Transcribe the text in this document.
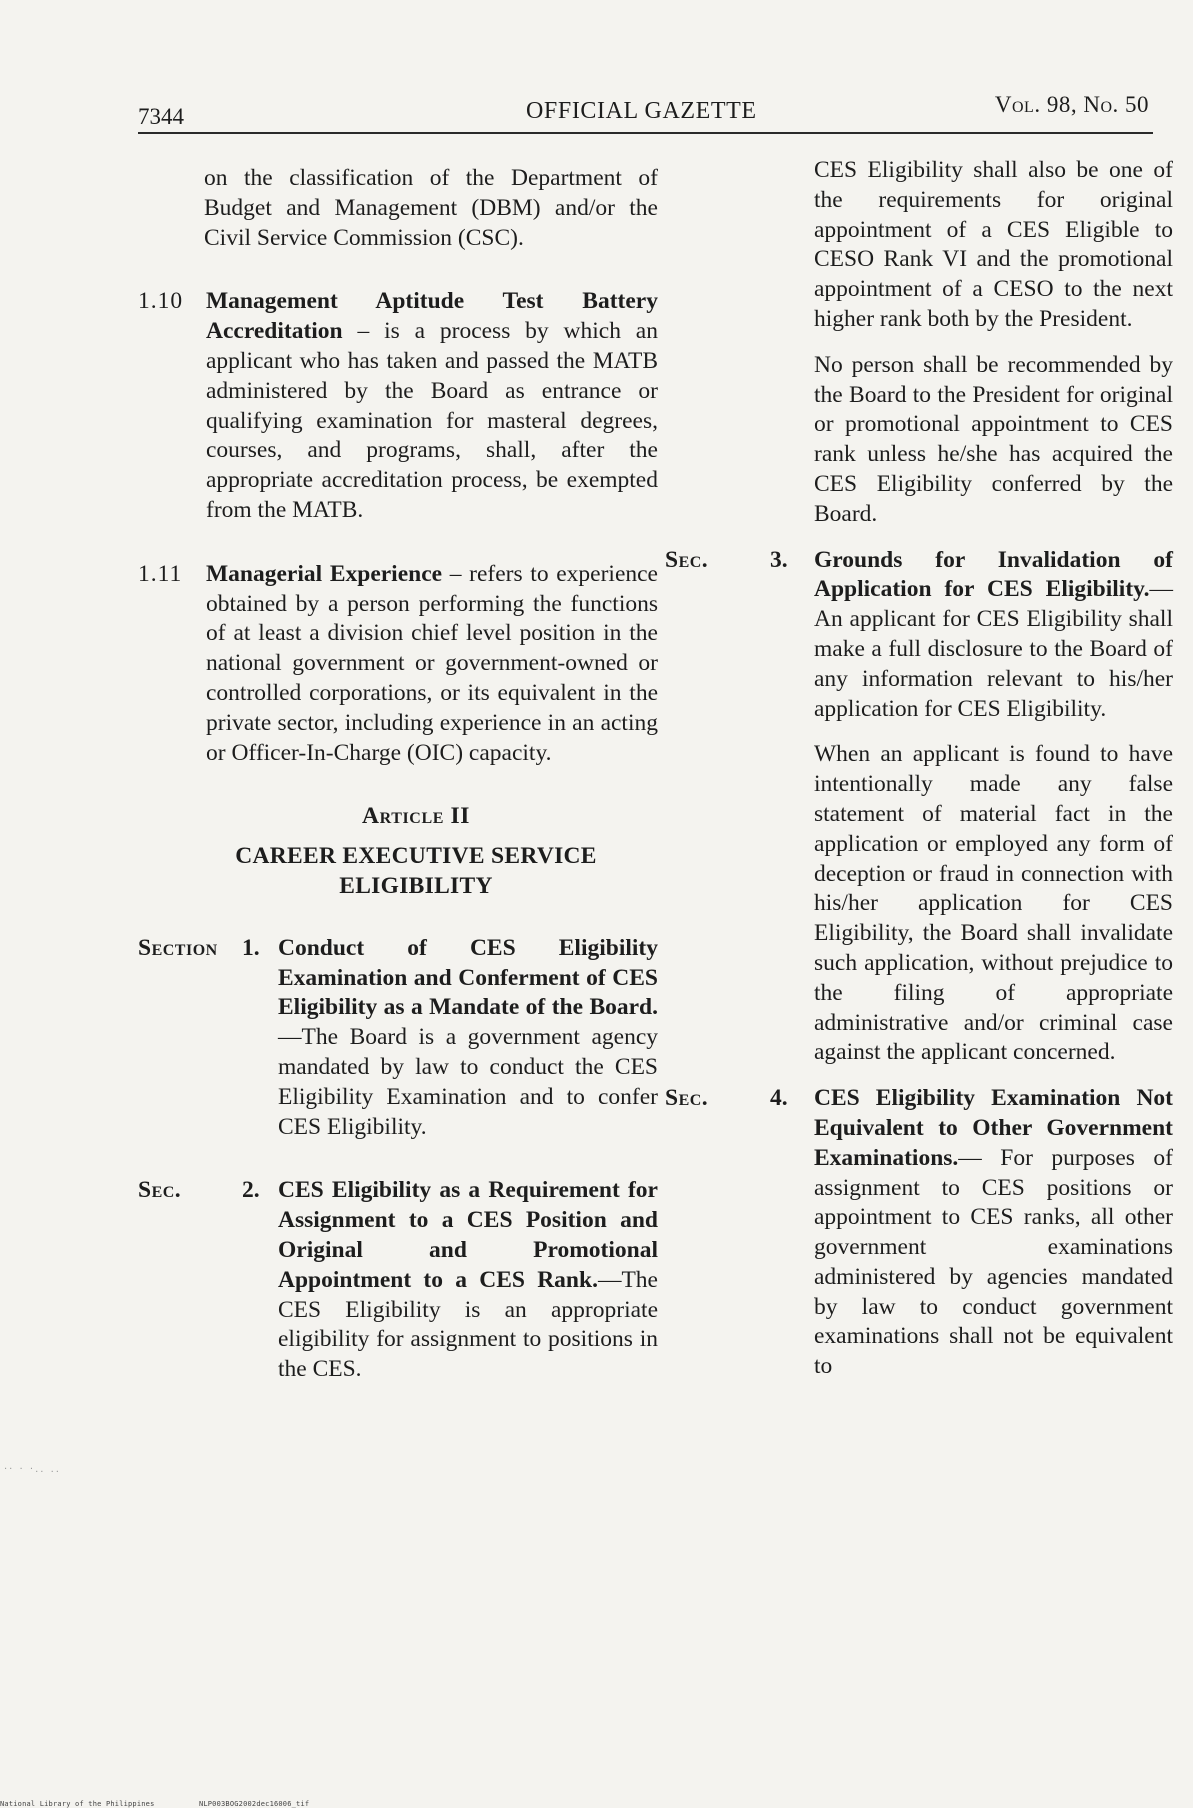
7344	OFFICIAL GAZETTE	Vol. 98, No. 50

on the classification of the Department of Budget and Management (DBM) and/or the Civil Service Commission (CSC).

1.10 Management Aptitude Test Battery Accreditation – is a process by which an applicant who has taken and passed the MATB administered by the Board as entrance or qualifying examination for masteral degrees, courses, and programs, shall, after the appropriate accreditation process, be exempted from the MATB.
1.11	Managerial Experience – refers to experience obtained by a person performing the functions of at least a division chief level position in the national government or government-owned or controlled corporations, or its equivalent in the private sector, including experience in an acting or Officer-In-Charge (OIC) capacity.
Article II
CAREER EXECUTIVE SERVICE ELIGIBILITY
Section	1. Conduct of CES Eligibility Examination and Conferment of CES Eligibility as a Mandate of the Board.—The Board is a government agency mandated by law to conduct the CES Eligibility Examination and to confer CES Eligibility.
Sec.	2. CES Eligibility as a Requirement for Assignment to a CES Position and Original and Promotional Appointment to a CES Rank.—The CES Eligibility is an appropriate eligibility for assignment to positions in the CES.

CES Eligibility shall also be one of the requirements for original appointment of a CES Eligible to CESO Rank VI and the promotional appointment of a CESO to the next higher rank both by the President.

No person shall be recommended by the Board to the President for original or promotional appointment to CES rank unless he/she has acquired the CES Eligibility conferred by the Board.

Sec.	3.	Grounds for Invalidation of Application for CES Eligibility.—An applicant for CES Eligibility shall make a full disclosure to the Board of any information relevant to his/her application for CES Eligibility.

When an applicant is found to have intentionally made any false statement of material fact in the application or employed any form of deception or fraud in connection with his/her application for CES Eligibility, the Board shall invalidate such application, without prejudice to the filing of appropriate administrative and/or criminal case against the applicant concerned.

Sec.	4.	CES Eligibility Examination Not Equivalent to Other Government Examinations.— For purposes of assignment to CES positions or appointment to CES ranks, all other government examinations administered by agencies mandated by law to conduct government examinations shall not be equivalent to
·· · ·.. ..
National Library of the Philippines	NLP003BOG2002dec16006_tif
